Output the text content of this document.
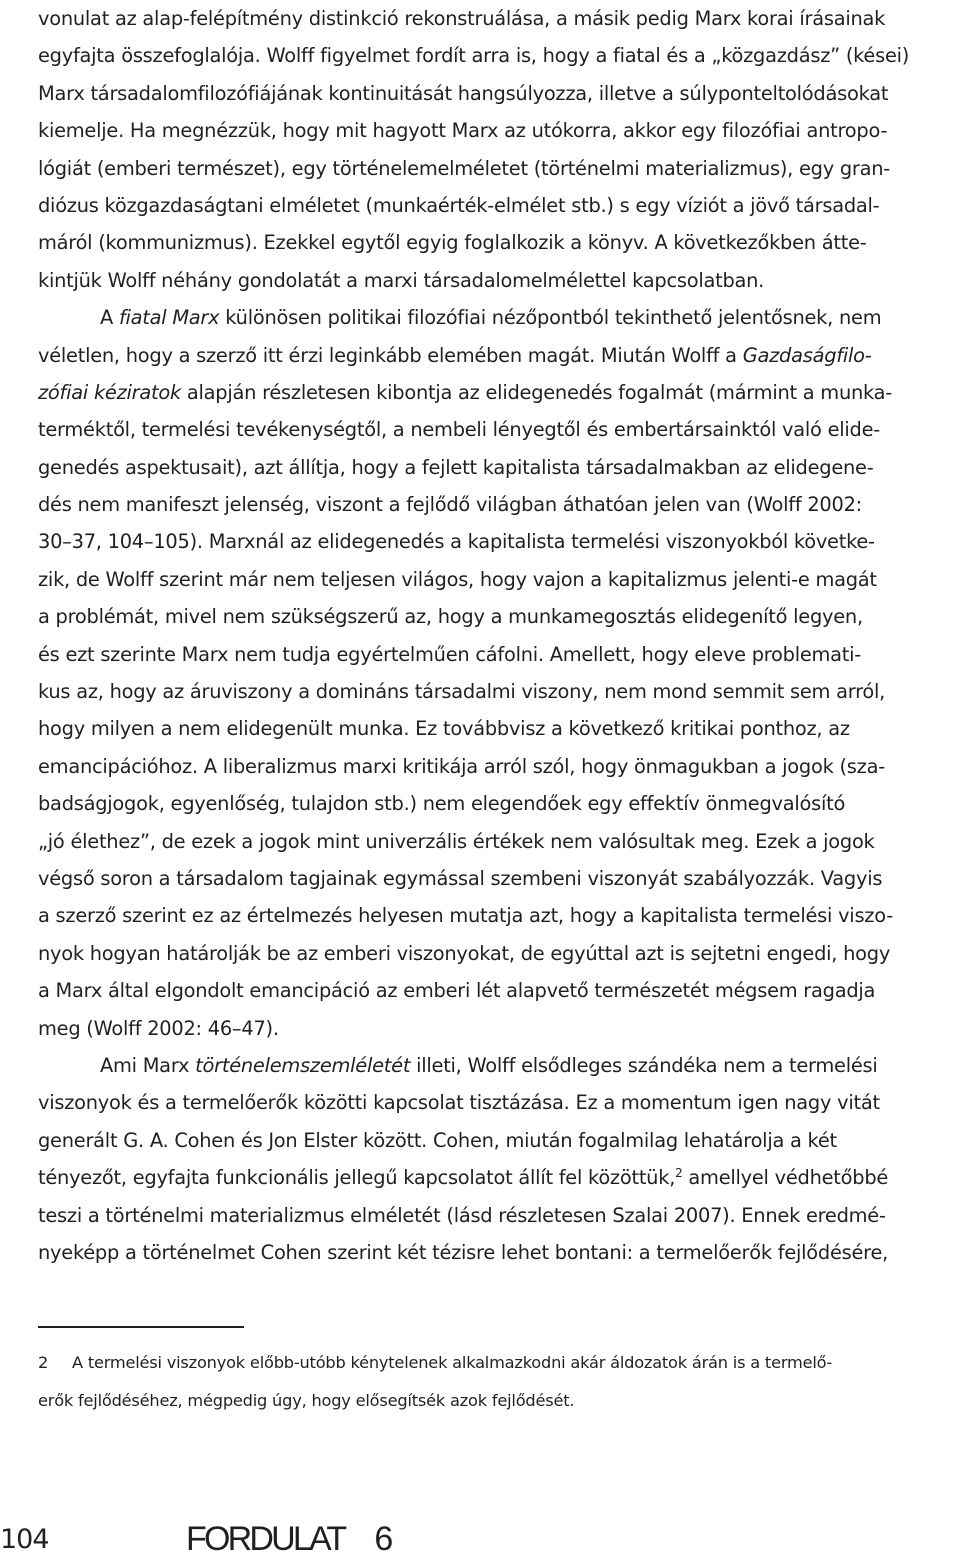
vonulat az alap-felépítmény distinkció rekonstruálása, a másik pedig Marx korai írásainak
egyfajta összefoglalója. Wolff figyelmet fordít arra is, hogy a fiatal és a „közgazdász” (kései)
Marx társadalomfilozófiájának kontinuitását hangsúlyozza, illetve a súlyponteltolódásokat
kiemelje. Ha megnézzük, hogy mit hagyott Marx az utókorra, akkor egy filozófiai antropo-
lógiát (emberi természet), egy történelemelméletet (történelmi materializmus), egy gran-
diózus közgazdaságtani elméletet (munkaérték-elmélet stb.) s egy víziót a jövő társadal-
máról (kommunizmus). Ezekkel egytől egyig foglalkozik a könyv. A következőkben átte-
kintjük Wolff néhány gondolatát a marxi társadalomelmélettel kapcsolatban.
A fiatal Marx különösen politikai filozófiai nézőpontból tekinthető jelentősnek, nem
véletlen, hogy a szerző itt érzi leginkább elemében magát. Miután Wolff a Gazdaságfilo-
zófiai kéziratok alapján részletesen kibontja az elidegenedés fogalmát (mármint a munka-
terméktől, termelési tevékenységtől, a nembeli lényegtől és embertársainktól való elide-
genedés aspektusait), azt állítja, hogy a fejlett kapitalista társadalmakban az elidegene-
dés nem manifeszt jelenség, viszont a fejlődő világban áthatóan jelen van (Wolff 2002:
30–37, 104–105). Marxnál az elidegenedés a kapitalista termelési viszonyokból követke-
zik, de Wolff szerint már nem teljesen világos, hogy vajon a kapitalizmus jelenti-e magát
a problémát, mivel nem szükségszerű az, hogy a munkamegosztás elidegenítő legyen,
és ezt szerinte Marx nem tudja egyértelműen cáfolni. Amellett, hogy eleve problemati-
kus az, hogy az áruviszony a domináns társadalmi viszony, nem mond semmit sem arról,
hogy milyen a nem elidegenült munka. Ez továbbvisz a következő kritikai ponthoz, az
emancipációhoz. A liberalizmus marxi kritikája arról szól, hogy önmagukban a jogok (sza-
badságjogok, egyenlőség, tulajdon stb.) nem elegendőek egy effektív önmegvalósító
„jó élethez”, de ezek a jogok mint univerzális értékek nem valósultak meg. Ezek a jogok
végső soron a társadalom tagjainak egymással szembeni viszonyát szabályozzák. Vagyis
a szerző szerint ez az értelmezés helyesen mutatja azt, hogy a kapitalista termelési viszo-
nyok hogyan határolják be az emberi viszonyokat, de egyúttal azt is sejtetni engedi, hogy
a Marx által elgondolt emancipáció az emberi lét alapvető természetét mégsem ragadja
meg (Wolff 2002: 46–47).
Ami Marx történelemszemléletét illeti, Wolff elsődleges szándéka nem a termelési
viszonyok és a termelőerők közötti kapcsolat tisztázása. Ez a momentum igen nagy vitát
generált G. A. Cohen és Jon Elster között. Cohen, miután fogalmilag lehatárolja a két
tényezőt, egyfajta funkcionális jellegű kapcsolatot állít fel közöttük,$^2$ amellyel védhetőbbé
teszi a történelmi materializmus elméletét (lásd részletesen Szalai 2007). Ennek eredmé-
nyeképp a történelmet Cohen szerint két tézisre lehet bontani: a termelőerők fejlődésére,
2 A termelési viszonyok előbb-utóbb kénytelenek alkalmazkodni akár áldozatok árán is a termelő-
erők fejlődéséhez, mégpedig úgy, hogy elősegítsék azok fejlődését.
104	FORDULAT 6
